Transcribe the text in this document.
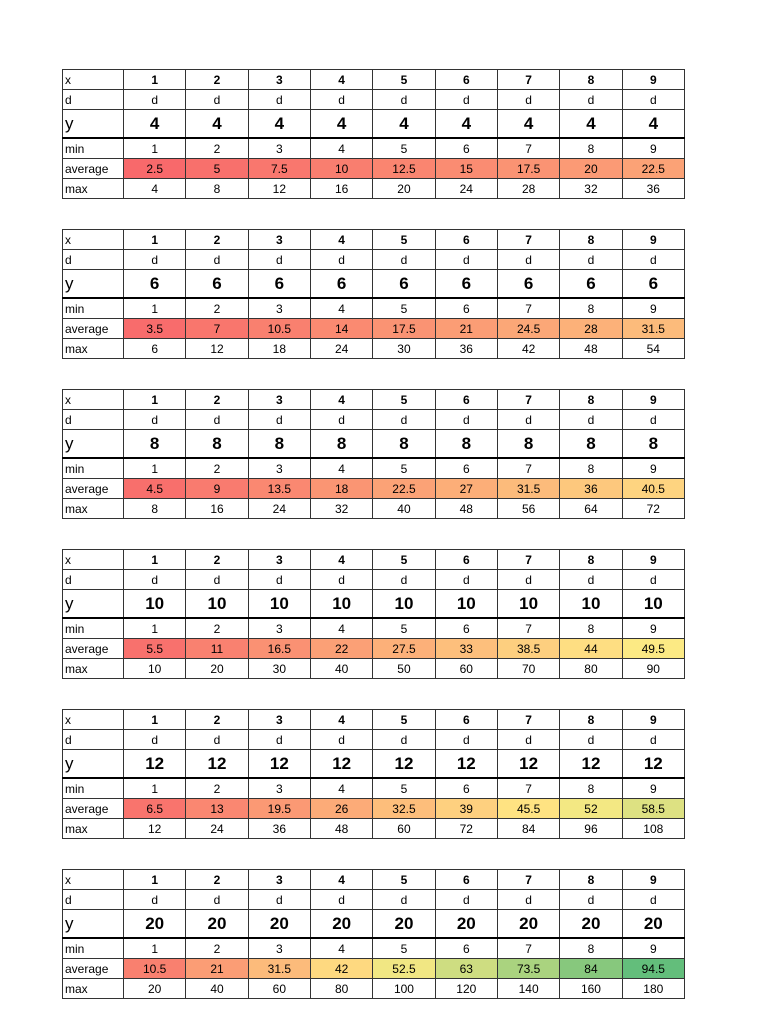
x	1	2	3	4	5	6	7	8	9
d	d	d	d	d	d	d	d	d	d
y	4	4	4	4	4	4	4	4	4
min	1	2	3	4	5	6	7	8	9
average	2.5	5	7.5	10	12.5	15	17.5	20	22.5
max	4	8	12	16	20	24	28	32	36
x	1	2	3	4	5	6	7	8	9
d	d	d	d	d	d	d	d	d	d
y	6	6	6	6	6	6	6	6	6
min	1	2	3	4	5	6	7	8	9
average	3.5	7	10.5	14	17.5	21	24.5	28	31.5
max	6	12	18	24	30	36	42	48	54
x	1	2	3	4	5	6	7	8	9
d	d	d	d	d	d	d	d	d	d
y	8	8	8	8	8	8	8	8	8
min	1	2	3	4	5	6	7	8	9
average	4.5	9	13.5	18	22.5	27	31.5	36	40.5
max	8	16	24	32	40	48	56	64	72
x	1	2	3	4	5	6	7	8	9
d	d	d	d	d	d	d	d	d	d
y	10	10	10	10	10	10	10	10	10
min	1	2	3	4	5	6	7	8	9
average	5.5	11	16.5	22	27.5	33	38.5	44	49.5
max	10	20	30	40	50	60	70	80	90
x	1	2	3	4	5	6	7	8	9
d	d	d	d	d	d	d	d	d	d
y	12	12	12	12	12	12	12	12	12
min	1	2	3	4	5	6	7	8	9
average	6.5	13	19.5	26	32.5	39	45.5	52	58.5
max	12	24	36	48	60	72	84	96	108
x	1	2	3	4	5	6	7	8	9
d	d	d	d	d	d	d	d	d	d
y	20	20	20	20	20	20	20	20	20
min	1	2	3	4	5	6	7	8	9
average	10.5	21	31.5	42	52.5	63	73.5	84	94.5
max	20	40	60	80	100	120	140	160	180
